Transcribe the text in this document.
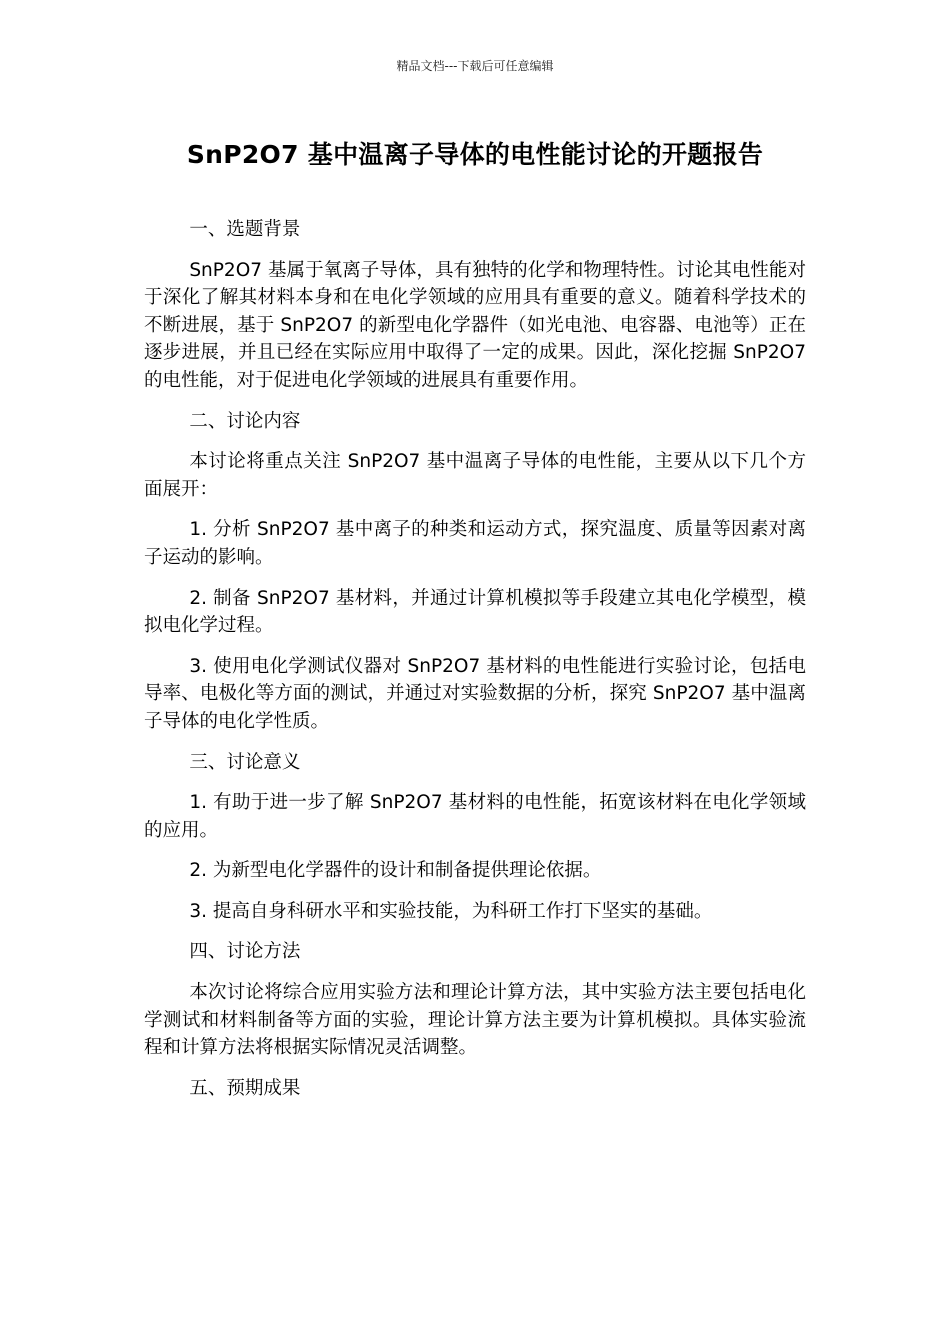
精品文档---下载后可任意编辑
SnP2O7 基中温离子导体的电性能讨论的开题报告
一、选题背景

SnP2O7 基属于氧离子导体，具有独特的化学和物理特性。讨论其电性能对于深化了解其材料本身和在电化学领域的应用具有重要的意义。随着科学技术的不断进展，基于 SnP2O7 的新型电化学器件（如光电池、电容器、电池等）正在逐步进展，并且已经在实际应用中取得了一定的成果。因此，深化挖掘 SnP2O7 的电性能，对于促进电化学领域的进展具有重要作用。

二、讨论内容

本讨论将重点关注 SnP2O7 基中温离子导体的电性能，主要从以下几个方面展开：

1. 分析 SnP2O7 基中离子的种类和运动方式，探究温度、质量等因素对离子运动的影响。

2. 制备 SnP2O7 基材料，并通过计算机模拟等手段建立其电化学模型，模拟电化学过程。

3. 使用电化学测试仪器对 SnP2O7 基材料的电性能进行实验讨论，包括电导率、电极化等方面的测试，并通过对实验数据的分析，探究 SnP2O7 基中温离子导体的电化学性质。

三、讨论意义

1. 有助于进一步了解 SnP2O7 基材料的电性能，拓宽该材料在电化学领域的应用。

2. 为新型电化学器件的设计和制备提供理论依据。

3. 提高自身科研水平和实验技能，为科研工作打下坚实的基础。

四、讨论方法

本次讨论将综合应用实验方法和理论计算方法，其中实验方法主要包括电化学测试和材料制备等方面的实验，理论计算方法主要为计算机模拟。具体实验流程和计算方法将根据实际情况灵活调整。

五、预期成果
